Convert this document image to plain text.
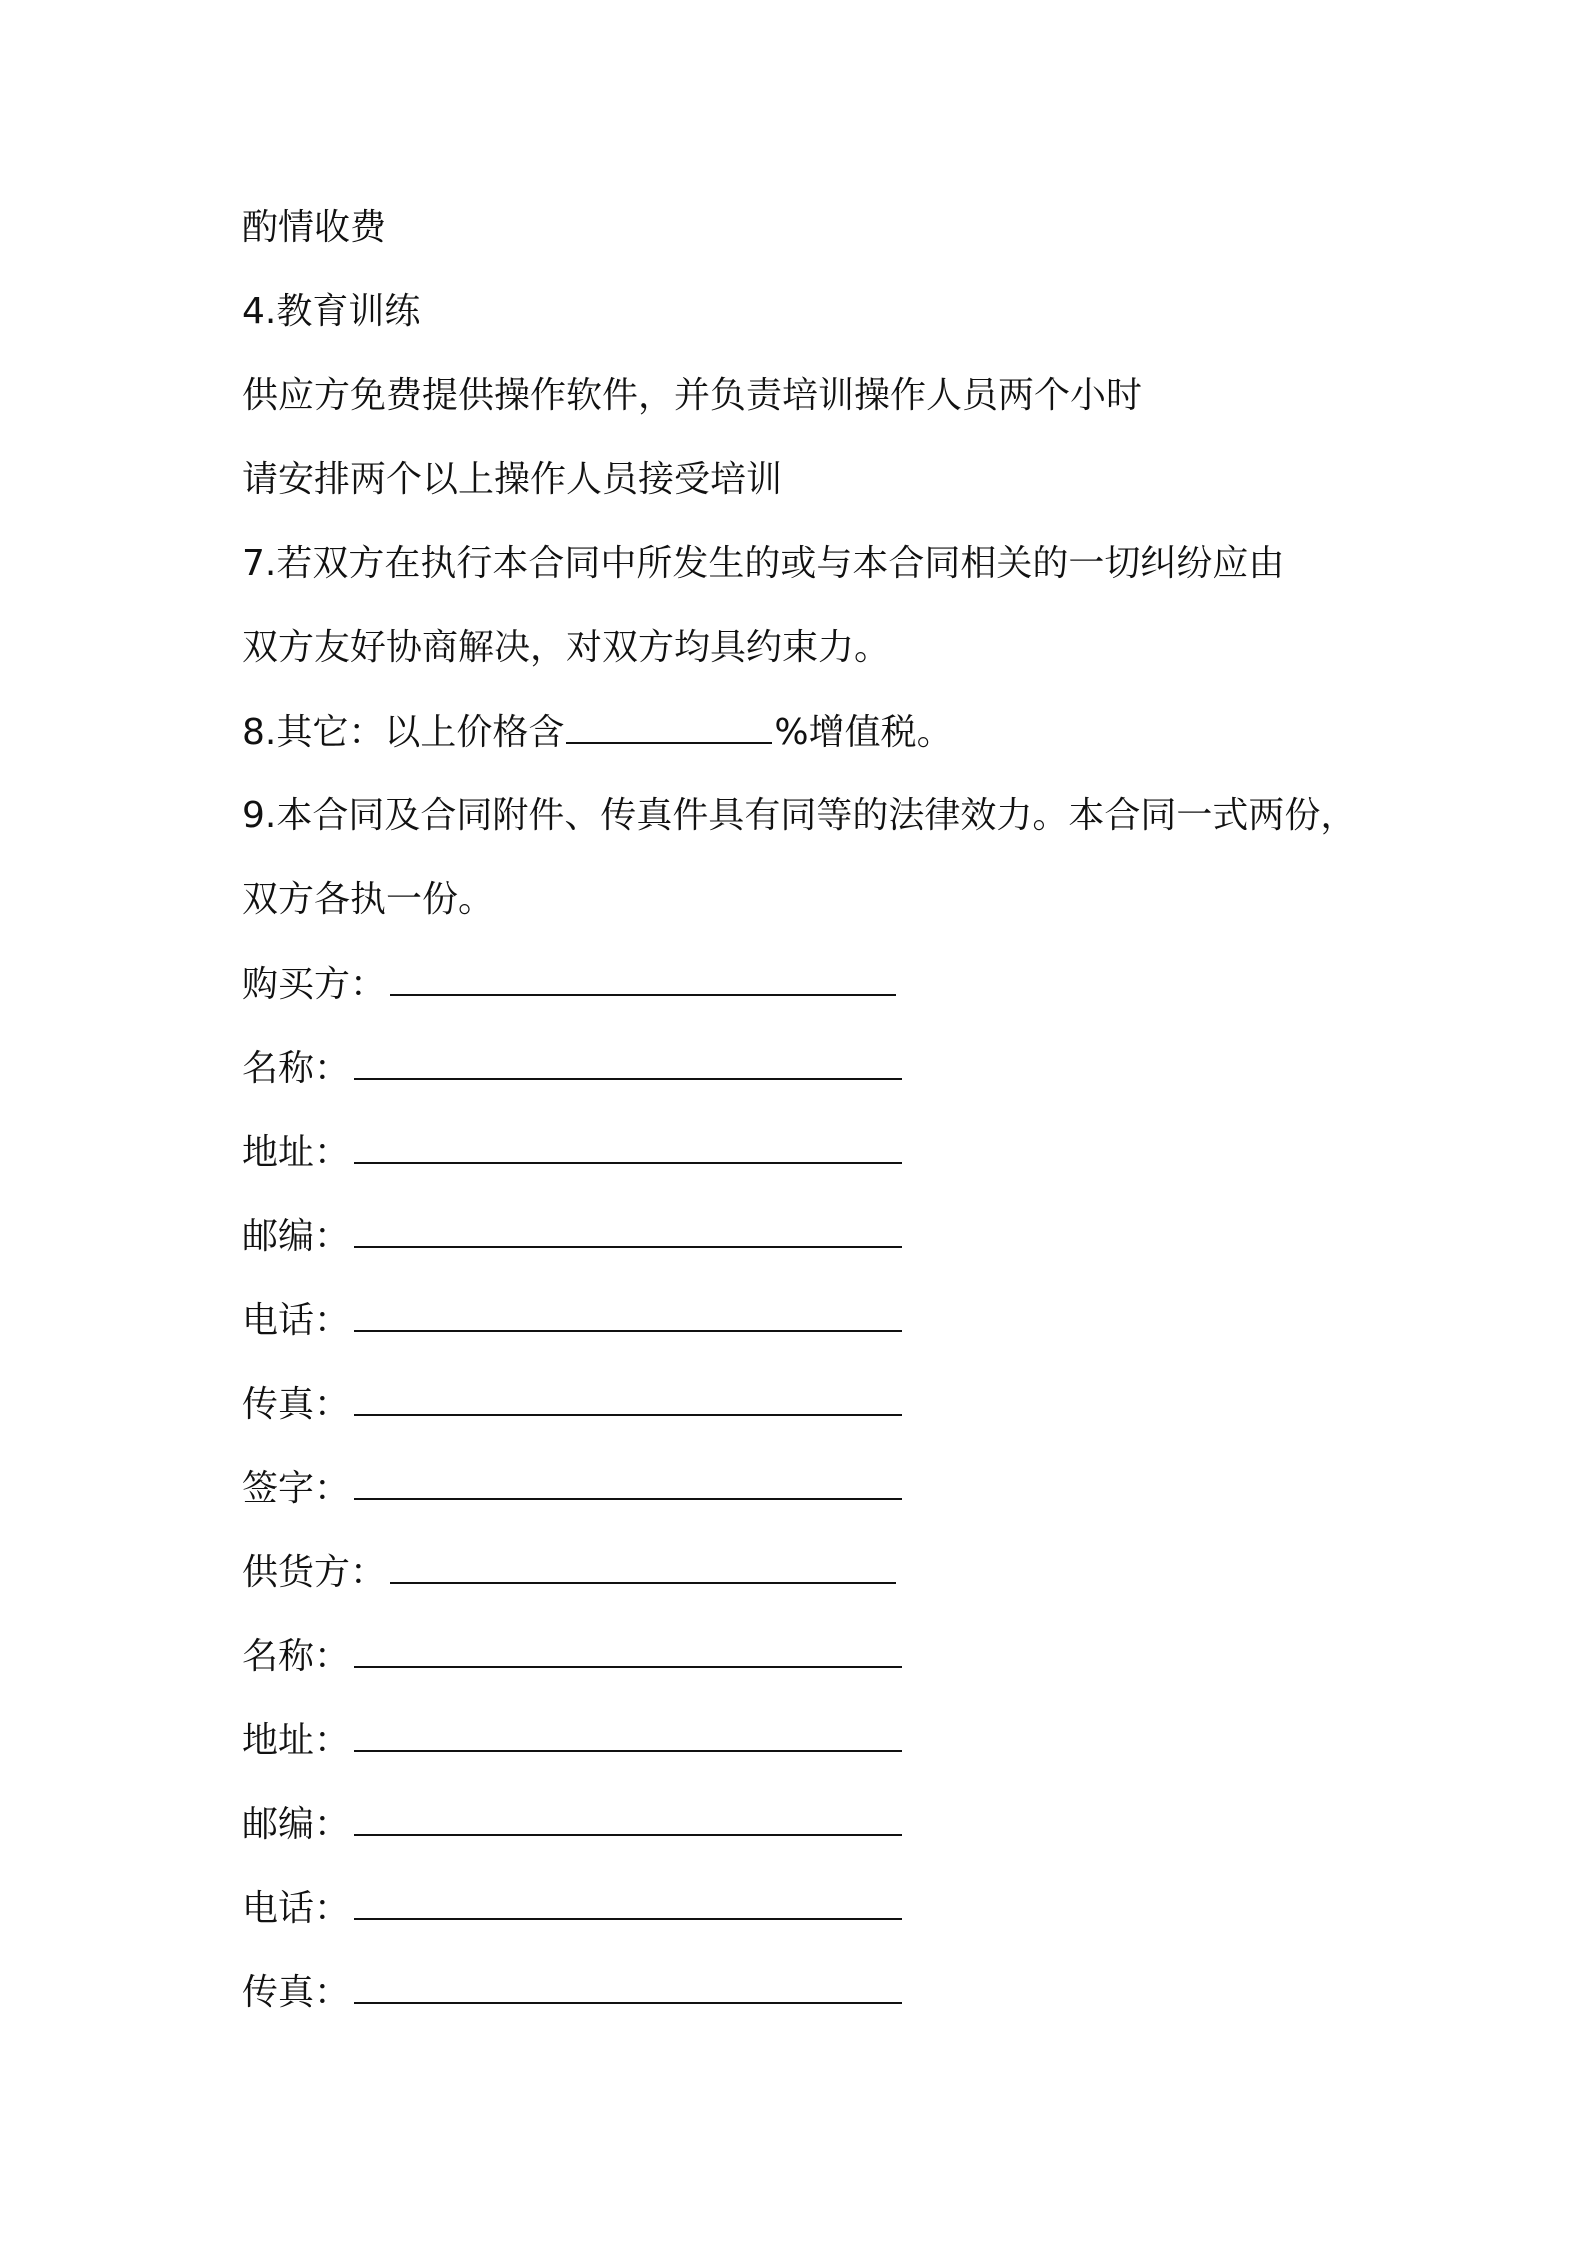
酌情收费
4.教育训练
供应方免费提供操作软件，并负责培训操作人员两个小时
请安排两个以上操作人员接受培训
7.若双方在执行本合同中所发生的或与本合同相关的一切纠纷应由
双方友好协商解决，对双方均具约束力。
8.其它：以上价格含	%增值税。
9.本合同及合同附件、传真件具有同等的法律效力。本合同一式两份，
双方各执一份。
购买方：
名称：
地址：
邮编：
电话：
传真：
签字：
供货方：
名称：
地址：
邮编：
电话：
传真：
